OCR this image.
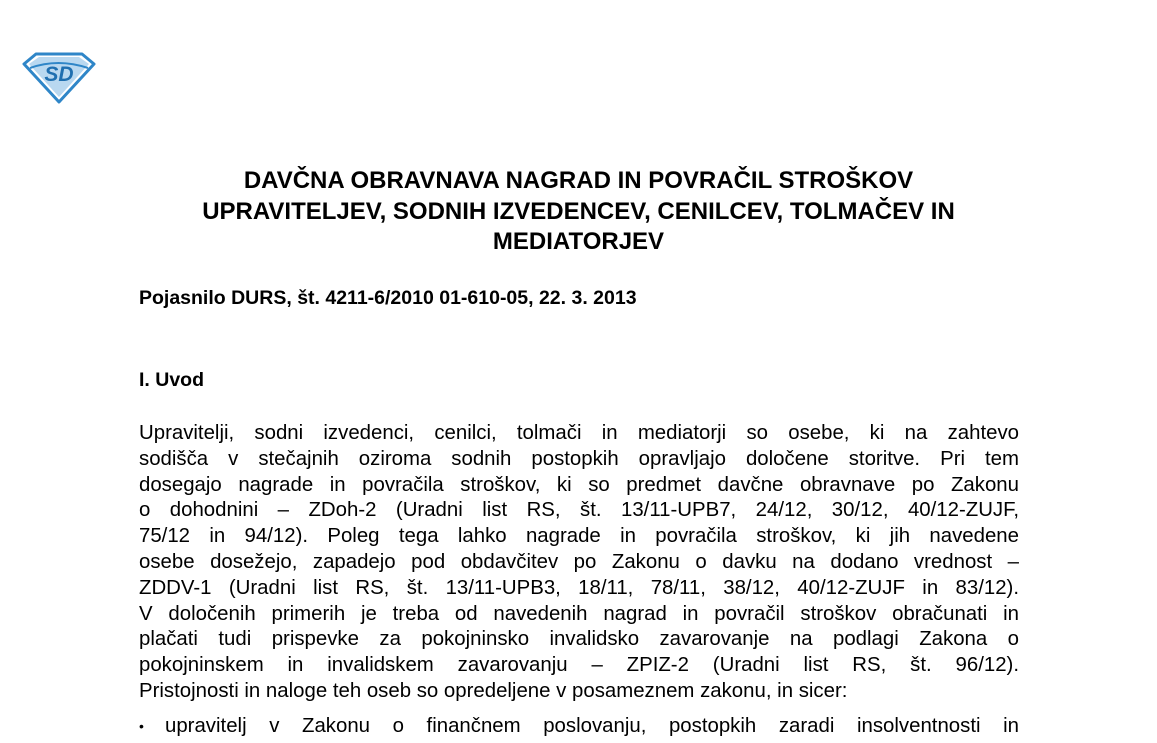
SD
DAVČNA OBRAVNAVA NAGRAD IN POVRAČIL STROŠKOV
UPRAVITELJEV, SODNIH IZVEDENCEV, CENILCEV, TOLMAČEV IN
MEDIATORJEV

Pojasnilo DURS, št. 4211-6/2010 01-610-05, 22. 3. 2013

I. Uvod
Upravitelji, sodni izvedenci, cenilci, tolmači in mediatorji so osebe, ki na zahtevo
sodišča v stečajnih oziroma sodnih postopkih opravljajo določene storitve. Pri tem
dosegajo nagrade in povračila stroškov, ki so predmet davčne obravnave po Zakonu
o dohodnini – ZDoh-2 (Uradni list RS, št. 13/11-UPB7, 24/12, 30/12, 40/12-ZUJF,
75/12 in 94/12). Poleg tega lahko nagrade in povračila stroškov, ki jih navedene
osebe dosežejo, zapadejo pod obdavčitev po Zakonu o davku na dodano vrednost –
ZDDV-1 (Uradni list RS, št. 13/11-UPB3, 18/11, 78/11, 38/12, 40/12-ZUJF in 83/12).
V določenih primerih je treba od navedenih nagrad in povračil stroškov obračunati in
plačati tudi prispevke za pokojninsko invalidsko zavarovanje na podlagi Zakona o
pokojninskem in invalidskem zavarovanju – ZPIZ-2 (Uradni list RS, št. 96/12).
Pristojnosti in naloge teh oseb so opredeljene v posameznem zakonu, in sicer:
•	upravitelj v Zakonu o finančnem poslovanju, postopkih zaradi insolventnosti in
